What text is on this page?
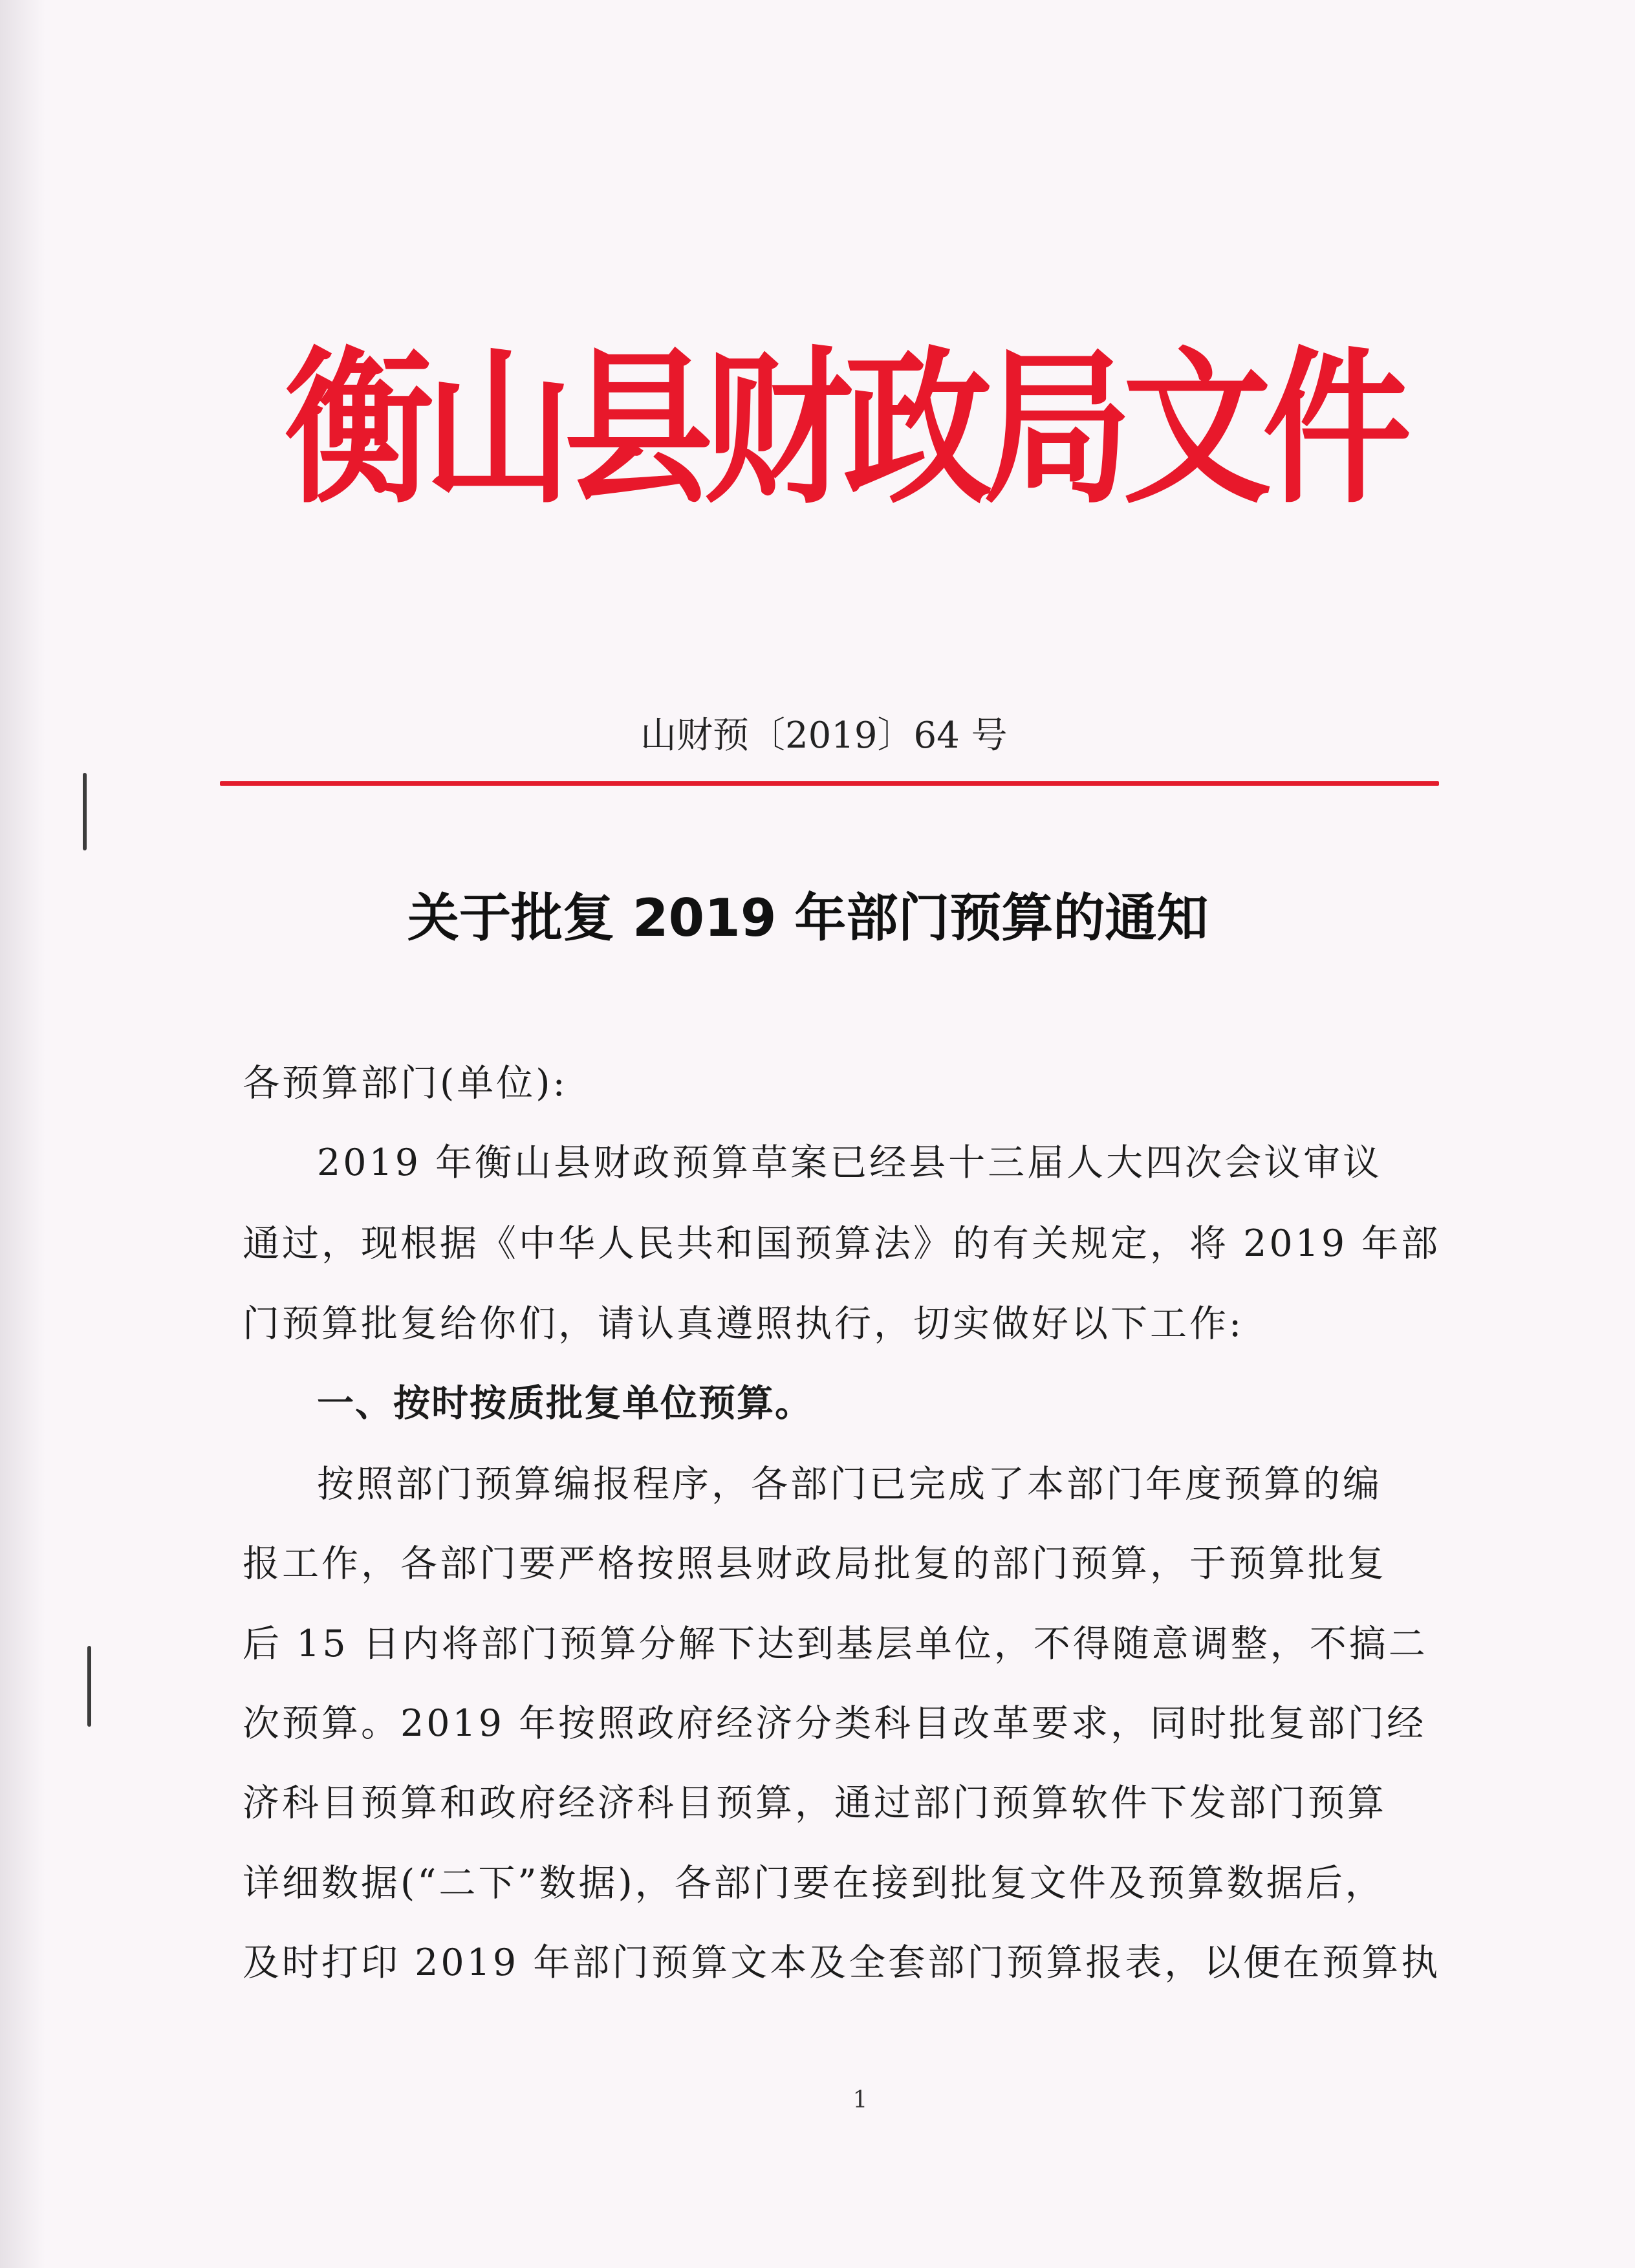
衡山县财政局文件
山财预〔2019〕64 号
关于批复 2019 年部门预算的通知
各预算部门(单位):
2019 年衡山县财政预算草案已经县十三届人大四次会议审议
通过，现根据《中华人民共和国预算法》的有关规定，将 2019 年部
门预算批复给你们，请认真遵照执行，切实做好以下工作:
一、按时按质批复单位预算。
按照部门预算编报程序，各部门已完成了本部门年度预算的编
报工作，各部门要严格按照县财政局批复的部门预算，于预算批复
后 15 日内将部门预算分解下达到基层单位，不得随意调整，不搞二
次预算。2019 年按照政府经济分类科目改革要求，同时批复部门经
济科目预算和政府经济科目预算，通过部门预算软件下发部门预算
详细数据(“二下”数据)，各部门要在接到批复文件及预算数据后，
及时打印 2019 年部门预算文本及全套部门预算报表，以便在预算执
1
